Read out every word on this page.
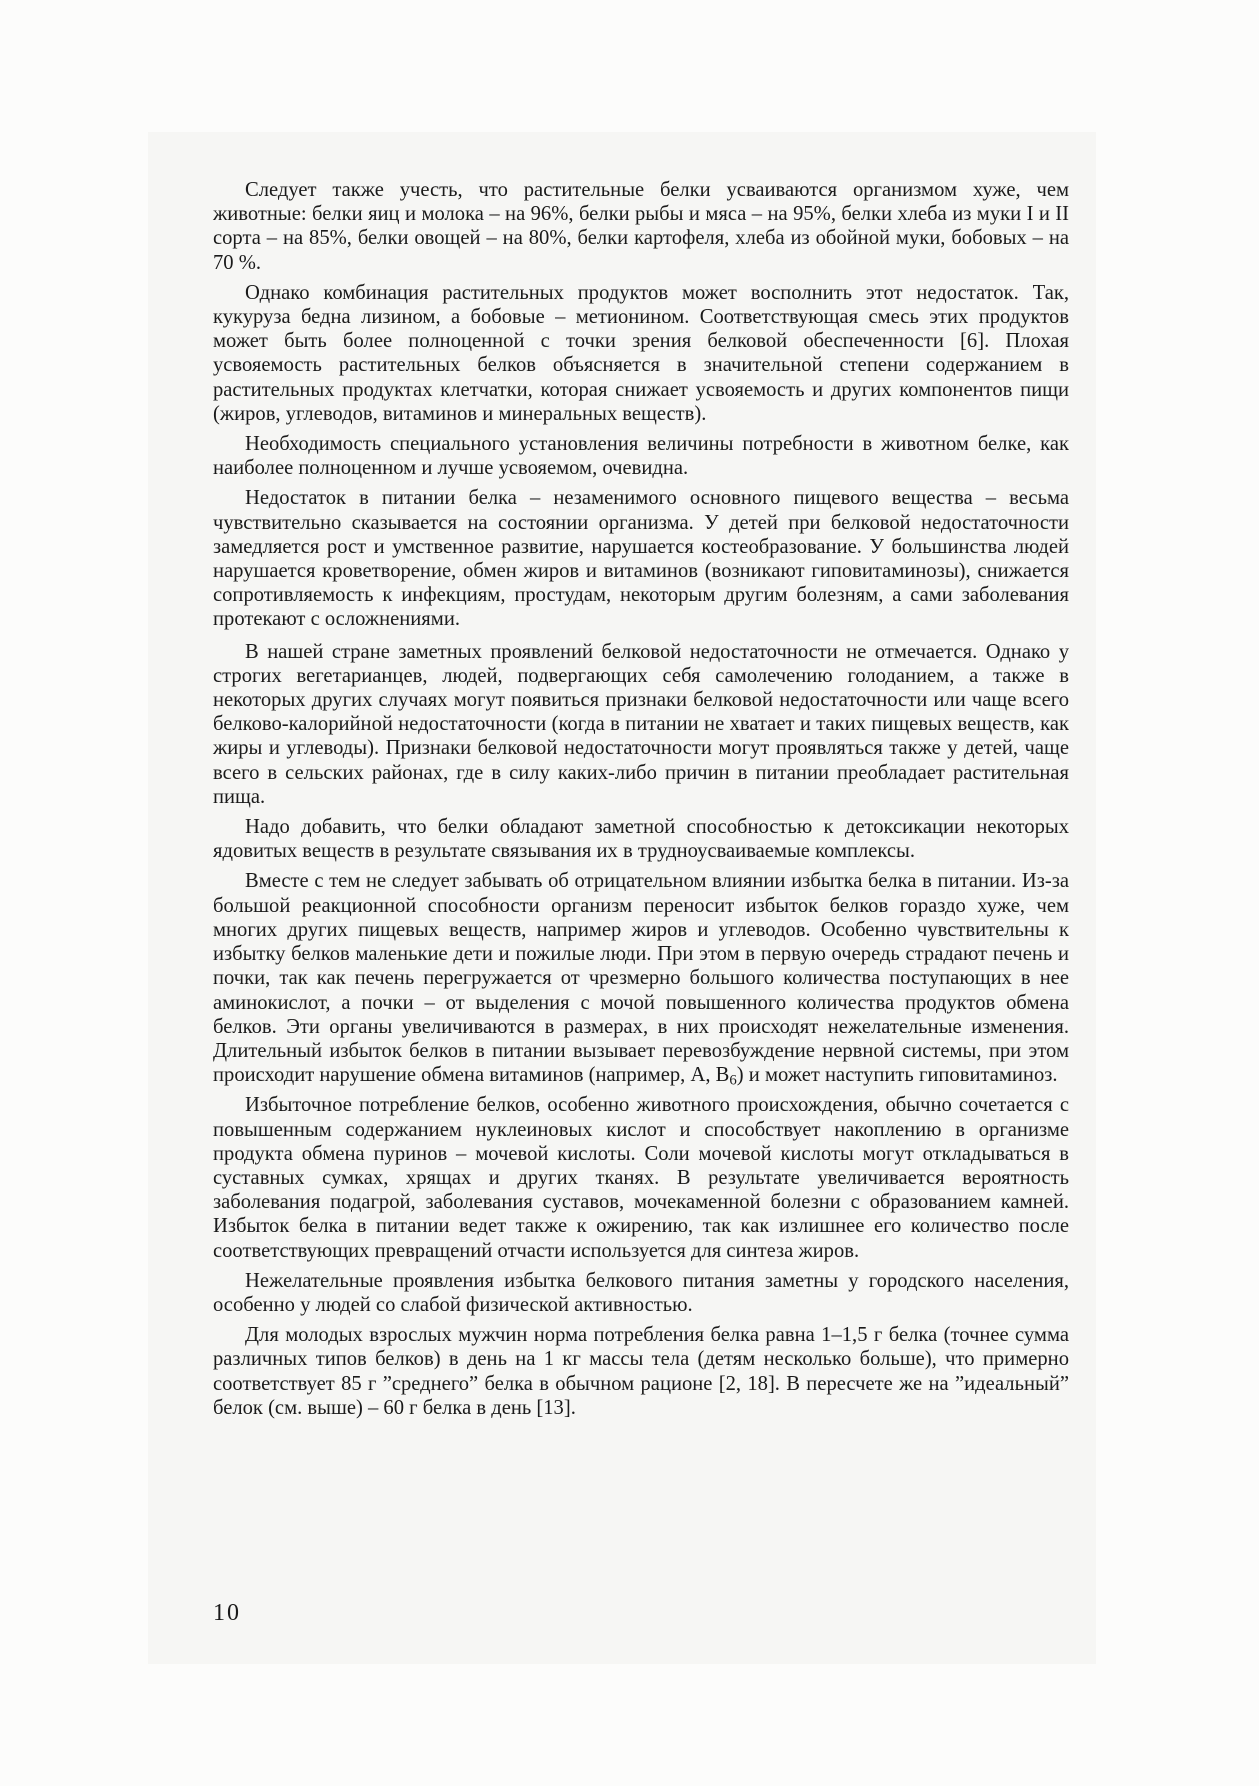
Следует также учесть, что растительные белки усваиваются организмом хуже, чем животные: белки яиц и молока – на 96%, белки рыбы и мяса – на 95%, белки хлеба из муки I и II сорта – на 85%, белки овощей – на 80%, белки картофеля, хлеба из обойной муки, бобовых – на 70 %.

Однако комбинация растительных продуктов может восполнить этот недостаток. Так, кукуруза бедна лизином, а бобовые – метионином. Соответствующая смесь этих продуктов может быть более полноценной с точки зрения белковой обеспеченности [6]. Плохая усвояемость растительных белков объясняется в значительной степени содержанием в растительных продуктах клетчатки, которая снижает усвояемость и других компонентов пищи (жиров, углеводов, витаминов и минеральных веществ).

Необходимость специального установления величины потребности в животном белке, как наиболее полноценном и лучше усвояемом, очевидна.

Недостаток в питании белка – незаменимого основного пищевого вещества – весьма чувствительно сказывается на состоянии организма. У детей при белковой недостаточности замедляется рост и умственное развитие, нарушается костеобразование. У большинства людей нарушается кроветворение, обмен жиров и витаминов (возникают гиповитаминозы), снижается сопротивляемость к инфекциям, простудам, некоторым другим болезням, а сами заболевания протекают с осложнениями.

В нашей стране заметных проявлений белковой недостаточности не отмечается. Однако у строгих вегетарианцев, людей, подвергающих себя самолечению голоданием, а также в некоторых других случаях могут появиться признаки белковой недостаточности или чаще всего белково-калорийной недостаточности (когда в питании не хватает и таких пищевых веществ, как жиры и углеводы). Признаки белковой недостаточности могут проявляться также у детей, чаще всего в сельских районах, где в силу каких-либо причин в питании преобладает растительная пища.

Надо добавить, что белки обладают заметной способностью к детоксикации некоторых ядовитых веществ в результате связывания их в трудноусваиваемые комплексы.

Вместе с тем не следует забывать об отрицательном влиянии избытка белка в питании. Из-за большой реакционной способности организм переносит избыток белков гораздо хуже, чем многих других пищевых веществ, например жиров и углеводов. Особенно чувствительны к избытку белков маленькие дети и пожилые люди. При этом в первую очередь страдают печень и почки, так как печень перегружается от чрезмерно большого количества поступающих в нее аминокислот, а почки – от выделения с мочой повышенного количества продуктов обмена белков. Эти органы увеличиваются в размерах, в них происходят нежелательные изменения. Длительный избыток белков в питании вызывает перевозбуждение нервной системы, при этом происходит нарушение обмена витаминов (например, А, $В_6$) и может наступить гиповитаминоз.

Избыточное потребление белков, особенно животного происхождения, обычно сочетается с повышенным содержанием нуклеиновых кислот и способствует накоплению в организме продукта обмена пуринов – мочевой кислоты. Соли мочевой кислоты могут откладываться в суставных сумках, хрящах и других тканях. В результате увеличивается вероятность заболевания подагрой, заболевания суставов, мочекаменной болезни с образованием камней. Избыток белка в питании ведет также к ожирению, так как излишнее его количество после соответствующих превращений отчасти используется для синтеза жиров.

Нежелательные проявления избытка белкового питания заметны у городского населения, особенно у людей со слабой физической активностью.

Для молодых взрослых мужчин норма потребления белка равна 1–1,5 г белка (точнее сумма различных типов белков) в день на 1 кг массы тела (детям несколько больше), что примерно соответствует 85 г ”среднего” белка в обычном рационе [2, 18]. В пересчете же на ”идеальный” белок (см. выше) – 60 г белка в день [13].

10
